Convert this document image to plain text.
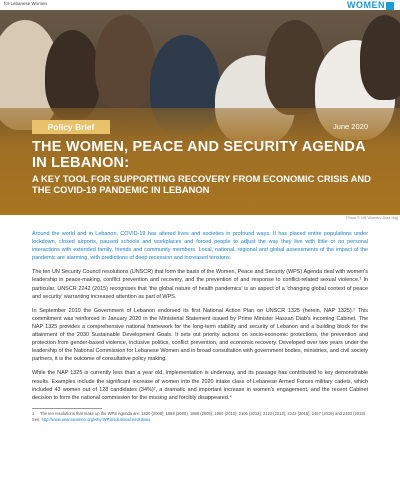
for Lebanese Women	WOMEN
Policy Brief	June 2020
THE WOMEN, PEACE AND SECURITY AGENDA IN LEBANON:
A KEY TOOL FOR SUPPORTING RECOVERY FROM ECONOMIC CRISIS AND THE COVID-19 PANDEMIC IN LEBANON
Photo © UN Women/ Dina Hajj

Around the world and in Lebanon, COVID-19 has altered lives and societies in profound ways. It has placed entire populations under lockdown, closed airports, paused schools and workplaces and forced people to adjust the way they live with little or no personal interactions with extended family, friends and community members. Local, national, regional and global assessments of the impact of the pandemic are alarming, with predictions of deep recession and increased tensions.

The ten UN Security Council resolutions (UNSCR) that form the basis of the Women, Peace and Security (WPS) Agenda deal with women's leadership in peace-making, conflict prevention and recovery, and the prevention of and response to conflict-related sexual violence.¹ In particular, UNSCR 2242 (2015) recognises that 'the global nature of health pandemics' is an aspect of a 'changing global context of peace and security' warranting increased attention as part of WPS.

In September 2019 the Government of Lebanon endorsed its first National Action Plan on UNSCR 1325 (herein, NAP 1325).² This commitment was reinforced in January 2020 in the Ministerial Statement issued by Prime Minister Hassan Diab's incoming Cabinet. The NAP 1325 provides a comprehensive national framework for the long-term stability and security of Lebanon and a building block for the attainment of the 2030 Sustainable Development Goals. It sets out priority actions on socio-economic protections, the prevention and protection from gender-based violence, inclusive politics, conflict prevention, and economic recovery. Developed over two years under the leadership of the National Commission for Lebanese Women and in broad consultation with government bodies, ministries, and civil society partners, it is the outcome of consultative policy making.

While the NAP 1325 is currently less than a year old, implementation is underway, and its passage has contributed to key demonstrable results. Examples include the significant increase of women into the 2020 intake class of Lebanese Armed Forces military cadets, which included 43 women out of 128 candidates (34%)³, a dramatic and important increase in women's engagement, and the recent Cabinet decision to form the national commission for the missing and forcibly disappeared.⁴

1 The ten resolutions that make up the WPS Agenda are: 1820 (2008); 1888 (2009); 1889 (2009); 1960 (2010); 2106 (2013); 2122 (2013); 2242 (2015); 2467 (2019) and 2493 (2019). See: http://www.peacewomen.org/why-WPS/solutions/resolutions
